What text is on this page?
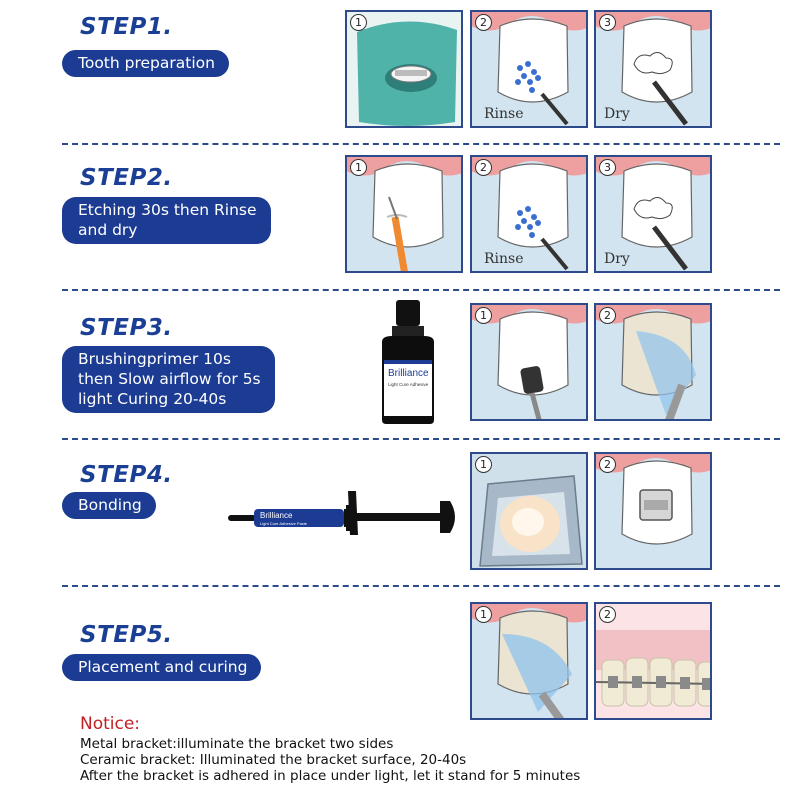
STEP1.
Tooth preparation
1	2
Rinse
3
Dry
STEP2.
Etching 30s then Rinse
and dry
1	2
Rinse
3
Dry
STEP3.
Brushingprimer 10s
then Slow airflow for 5s
light Curing 20-40s
Brilliance
Light Cure Adhesive
1	2
STEP4.
Bonding
Brilliance
Light Cure Adhesive Paste
1	2
STEP5.
Placement and curing
1	2
Notice:
Metal bracket:illuminate the bracket two sides
Ceramic bracket: Illuminated the bracket surface, 20-40s
After the bracket is adhered in place under light, let it stand for 5 minutes
